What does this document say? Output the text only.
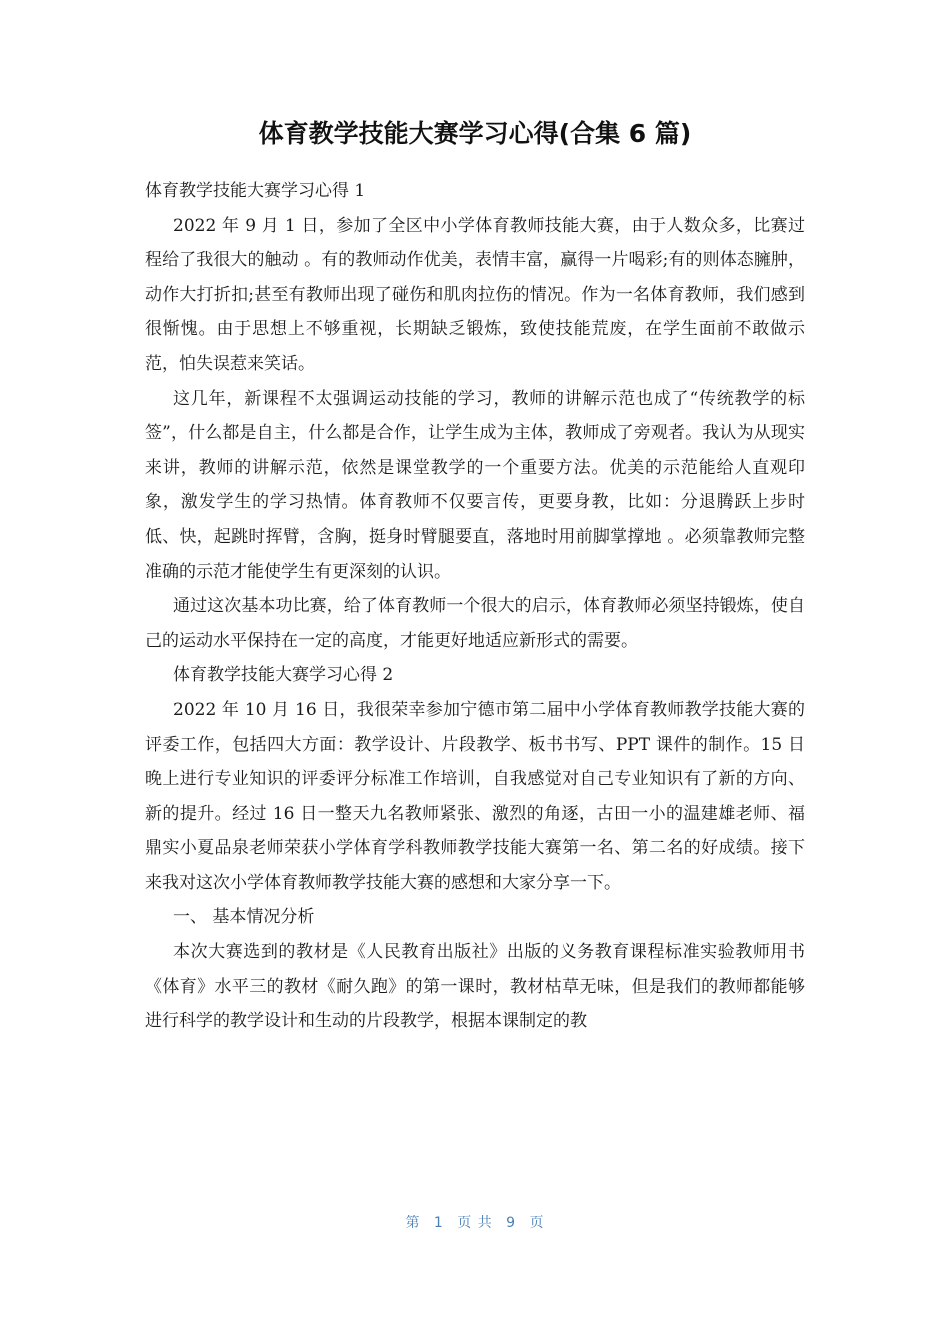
体育教学技能大赛学习心得(合集 6 篇)

体育教学技能大赛学习心得 1

2022 年 9 月 1 日，参加了全区中小学体育教师技能大赛，由于人数众多，比赛过程给了我很大的触动 。有的教师动作优美，表情丰富，赢得一片喝彩;有的则体态臃肿，动作大打折扣;甚至有教师出现了碰伤和肌肉拉伤的情况。作为一名体育教师，我们感到很惭愧。由于思想上不够重视，长期缺乏锻炼，致使技能荒废，在学生面前不敢做示范，怕失误惹来笑话。

这几年，新课程不太强调运动技能的学习，教师的讲解示范也成了“传统教学的标签”，什么都是自主，什么都是合作，让学生成为主体，教师成了旁观者。我认为从现实来讲，教师的讲解示范，依然是课堂教学的一个重要方法。优美的示范能给人直观印象，激发学生的学习热情。体育教师不仅要言传，更要身教，比如：分退腾跃上步时低、快，起跳时挥臂，含胸，挺身时臂腿要直，落地时用前脚掌撑地 。必须靠教师完整准确的示范才能使学生有更深刻的认识。

通过这次基本功比赛，给了体育教师一个很大的启示，体育教师必须坚持锻炼，使自己的运动水平保持在一定的高度，才能更好地适应新形式的需要。

体育教学技能大赛学习心得 2

2022 年 10 月 16 日，我很荣幸参加宁德市第二届中小学体育教师教学技能大赛的评委工作，包括四大方面：教学设计、片段教学、板书书写、PPT 课件的制作。15 日晚上进行专业知识的评委评分标准工作培训，自我感觉对自己专业知识有了新的方向、新的提升。经过 16 日一整天九名教师紧张、激烈的角逐，古田一小的温建雄老师、福鼎实小夏品泉老师荣获小学体育学科教师教学技能大赛第一名、第二名的好成绩。接下来我对这次小学体育教师教学技能大赛的感想和大家分享一下。

一、 基本情况分析

本次大赛选到的教材是《人民教育出版社》出版的义务教育课程标准实验教师用书《体育》水平三的教材《耐久跑》的第一课时，教材枯草无味，但是我们的教师都能够进行科学的教学设计和生动的片段教学，根据本课制定的教

第 1 页 共 9 页
